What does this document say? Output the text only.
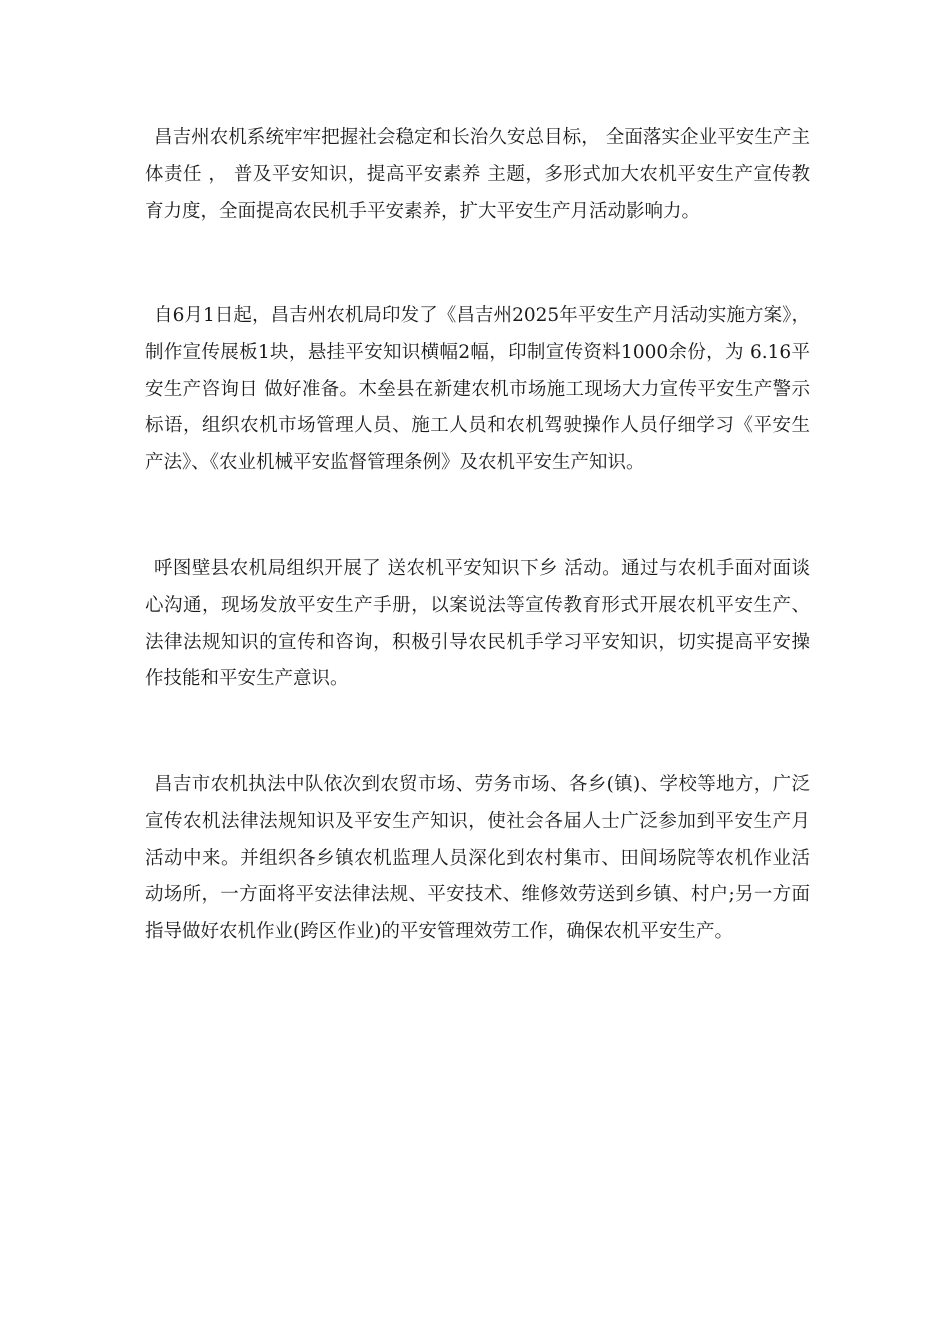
昌吉州农机系统牢牢把握社会稳定和长治久安总目标， 全面落实企业平安生产主体责任 ， 普及平安知识，提高平安素养 主题，多形式加大农机平安生产宣传教育力度，全面提高农民机手平安素养，扩大平安生产月活动影响力。

自6月1日起，昌吉州农机局印发了《昌吉州2025年平安生产月活动实施方案》，制作宣传展板1块，悬挂平安知识横幅2幅，印制宣传资料1000余份，为 6.16平安生产咨询日 做好准备。木垒县在新建农机市场施工现场大力宣传平安生产警示标语，组织农机市场管理人员、施工人员和农机驾驶操作人员仔细学习《平安生产法》、《农业机械平安监督管理条例》及农机平安生产知识。

呼图壁县农机局组织开展了 送农机平安知识下乡 活动。通过与农机手面对面谈心沟通，现场发放平安生产手册，以案说法等宣传教育形式开展农机平安生产、法律法规知识的宣传和咨询，积极引导农民机手学习平安知识，切实提高平安操作技能和平安生产意识。

昌吉市农机执法中队依次到农贸市场、劳务市场、各乡(镇)、学校等地方，广泛宣传农机法律法规知识及平安生产知识，使社会各届人士广泛参加到平安生产月活动中来。并组织各乡镇农机监理人员深化到农村集市、田间场院等农机作业活动场所，一方面将平安法律法规、平安技术、维修效劳送到乡镇、村户;另一方面指导做好农机作业(跨区作业)的平安管理效劳工作，确保农机平安生产。
